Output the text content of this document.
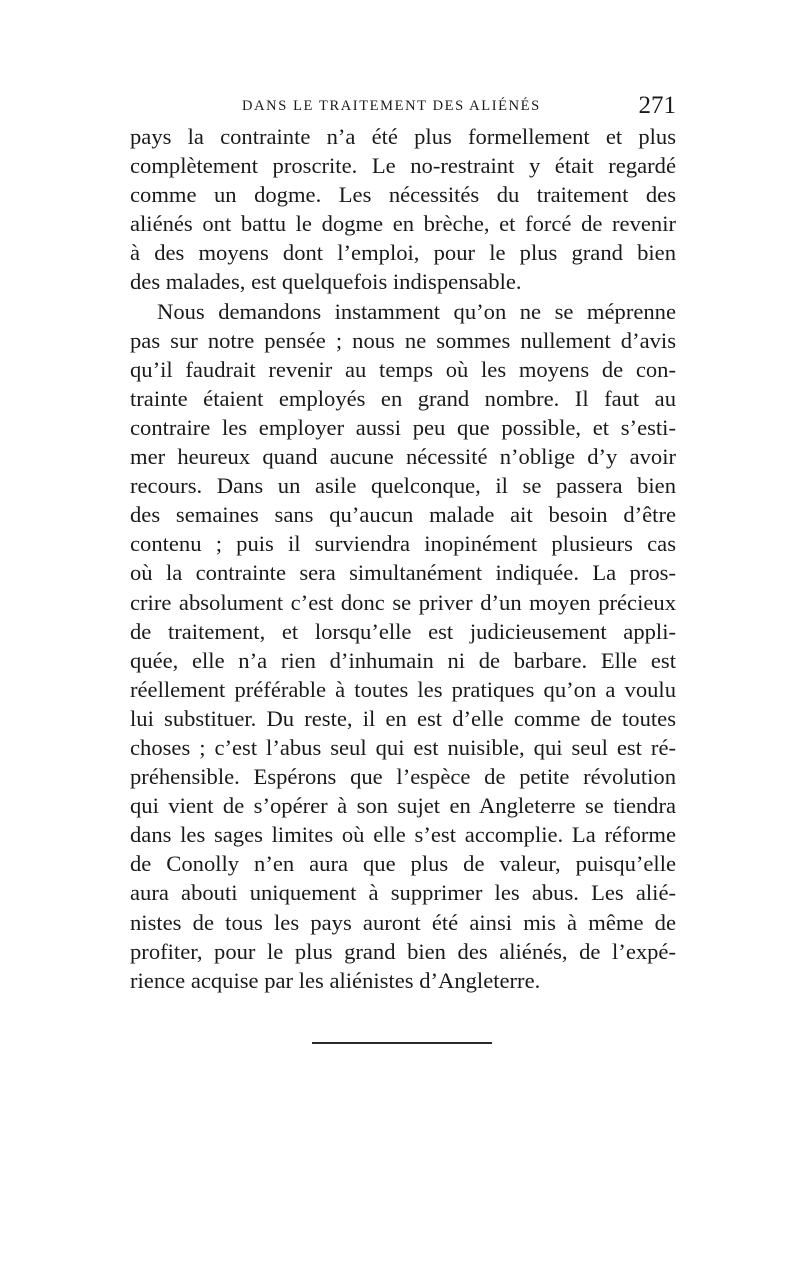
DANS LE TRAITEMENT DES ALIÉNÉS	271
pays la contrainte n’a été plus formellement et plus
complètement proscrite. Le no-restraint y était regardé
comme un dogme. Les nécessités du traitement des
aliénés ont battu le dogme en brèche, et forcé de revenir
à des moyens dont l’emploi, pour le plus grand bien
des malades, est quelquefois indispensable.
Nous demandons instamment qu’on ne se méprenne
pas sur notre pensée ; nous ne sommes nullement d’avis
qu’il faudrait revenir au temps où les moyens de con-
trainte étaient employés en grand nombre. Il faut au
contraire les employer aussi peu que possible, et s’esti-
mer heureux quand aucune nécessité n’oblige d’y avoir
recours. Dans un asile quelconque, il se passera bien
des semaines sans qu’aucun malade ait besoin d’être
contenu ; puis il surviendra inopinément plusieurs cas
où la contrainte sera simultanément indiquée. La pros-
crire absolument c’est donc se priver d’un moyen précieux
de traitement, et lorsqu’elle est judicieusement appli-
quée, elle n’a rien d’inhumain ni de barbare. Elle est
réellement préférable à toutes les pratiques qu’on a voulu
lui substituer. Du reste, il en est d’elle comme de toutes
choses ; c’est l’abus seul qui est nuisible, qui seul est ré-
préhensible. Espérons que l’espèce de petite révolution
qui vient de s’opérer à son sujet en Angleterre se tiendra
dans les sages limites où elle s’est accomplie. La réforme
de Conolly n’en aura que plus de valeur, puisqu’elle
aura abouti uniquement à supprimer les abus. Les alié-
nistes de tous les pays auront été ainsi mis à même de
profiter, pour le plus grand bien des aliénés, de l’expé-
rience acquise par les aliénistes d’Angleterre.
